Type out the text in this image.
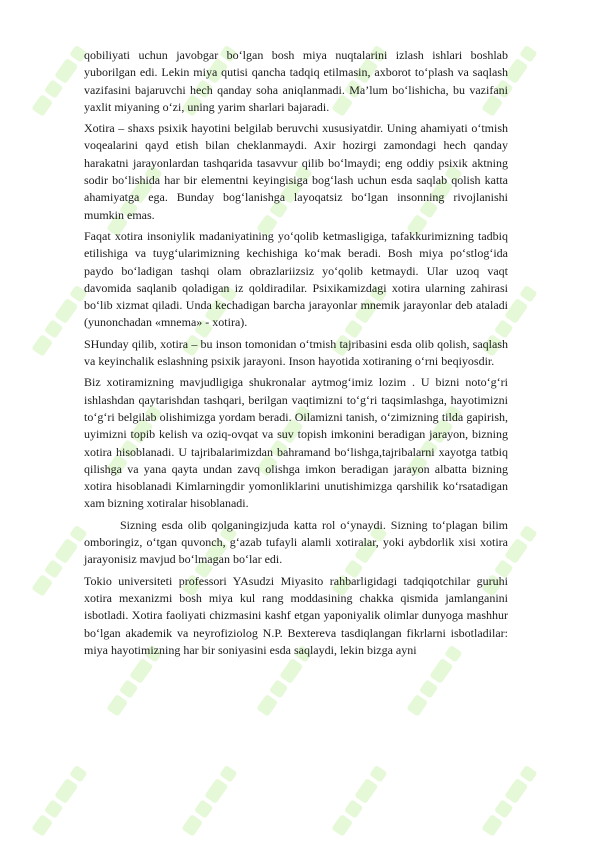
qobiliyati uchun javobgar bo‘lgan bosh miya nuqtalarini izlash ishlari boshlab yuborilgan edi. Lekin miya qutisi qancha tadqiq etilmasin, axborot to‘plash va saqlash vazifasini bajaruvchi hech qanday soha aniqlanmadi. Ma’lum bo‘lishicha, bu vazifani yaxlit miyaning o‘zi, uning yarim sharlari bajaradi.

Xotira – shaxs psixik hayotini belgilab beruvchi xususiyatdir. Uning ahamiyati o‘tmish voqealarini qayd etish bilan cheklanmaydi. Axir hozirgi zamondagi hech qanday harakatni jarayonlardan tashqarida tasavvur qilib bo‘lmaydi; eng oddiy psixik aktning sodir bo‘lishida har bir elementni keyingisiga bog‘lash uchun esda saqlab qolish katta ahamiyatga ega. Bunday bog‘lanishga layoqatsiz bo‘lgan insonning rivojlanishi mumkin emas.

Faqat xotira insoniylik madaniyatining yo‘qolib ketmasligiga, tafakkurimizning tadbiq etilishiga va tuyg‘ularimizning kechishiga ko‘mak beradi. Bosh miya po‘stlog‘ida paydo bo‘ladigan tashqi olam obrazlariizsiz yo‘qolib ketmaydi. Ular uzoq vaqt davomida saqlanib qoladigan iz qoldiradilar. Psixikamizdagi xotira ularning zahirasi bo‘lib xizmat qiladi. Unda kechadigan barcha jarayonlar mnemik jarayonlar deb ataladi (yunonchadan «mnema» - xotira).

SHunday qilib, xotira – bu inson tomonidan o‘tmish tajribasini esda olib qolish, saqlash va keyinchalik eslashning psixik jarayoni. Inson hayotida xotiraning o‘rni beqiyosdir.

Biz xotiramizning mavjudligiga shukronalar aytmog‘imiz lozim . U bizni noto‘g‘ri ishlashdan qaytarishdan tashqari, berilgan vaqtimizni to‘g‘ri taqsimlashga, hayotimizni to‘g‘ri belgilab olishimizga yordam beradi. Oilamizni tanish, o‘zimizning tilda gapirish, uyimizni topib kelish va oziq-ovqat va suv topish imkonini beradigan jarayon, bizning xotira hisoblanadi. U tajribalarimizdan bahramand bo‘lishga,tajribalarni xayotga tatbiq qilishga va yana qayta undan zavq olishga imkon beradigan jarayon albatta bizning xotira hisoblanadi Kimlarningdir yomonliklarini unutishimizga qarshilik ko‘rsatadigan xam bizning xotiralar hisoblanadi.

Sizning esda olib qolganingizjuda katta rol o‘ynaydi. Sizning to‘plagan bilim omboringiz, o‘tgan quvonch, g‘azab tufayli alamli xotiralar, yoki aybdorlik xisi xotira jarayonisiz mavjud bo‘lmagan bo‘lar edi.

Tokio universiteti professori YAsudzi Miyasito rahbarligidagi tadqiqotchilar guruhi xotira mexanizmi bosh miya kul rang moddasining chakka qismida jamlanganini isbotladi. Xotira faoliyati chizmasini kashf etgan yaponiyalik olimlar dunyoga mashhur bo‘lgan akademik va neyrofiziolog N.P. Bextereva tasdiqlangan fikrlarni isbotladilar: miya hayotimizning har bir soniyasini esda saqlaydi, lekin bizga ayni
